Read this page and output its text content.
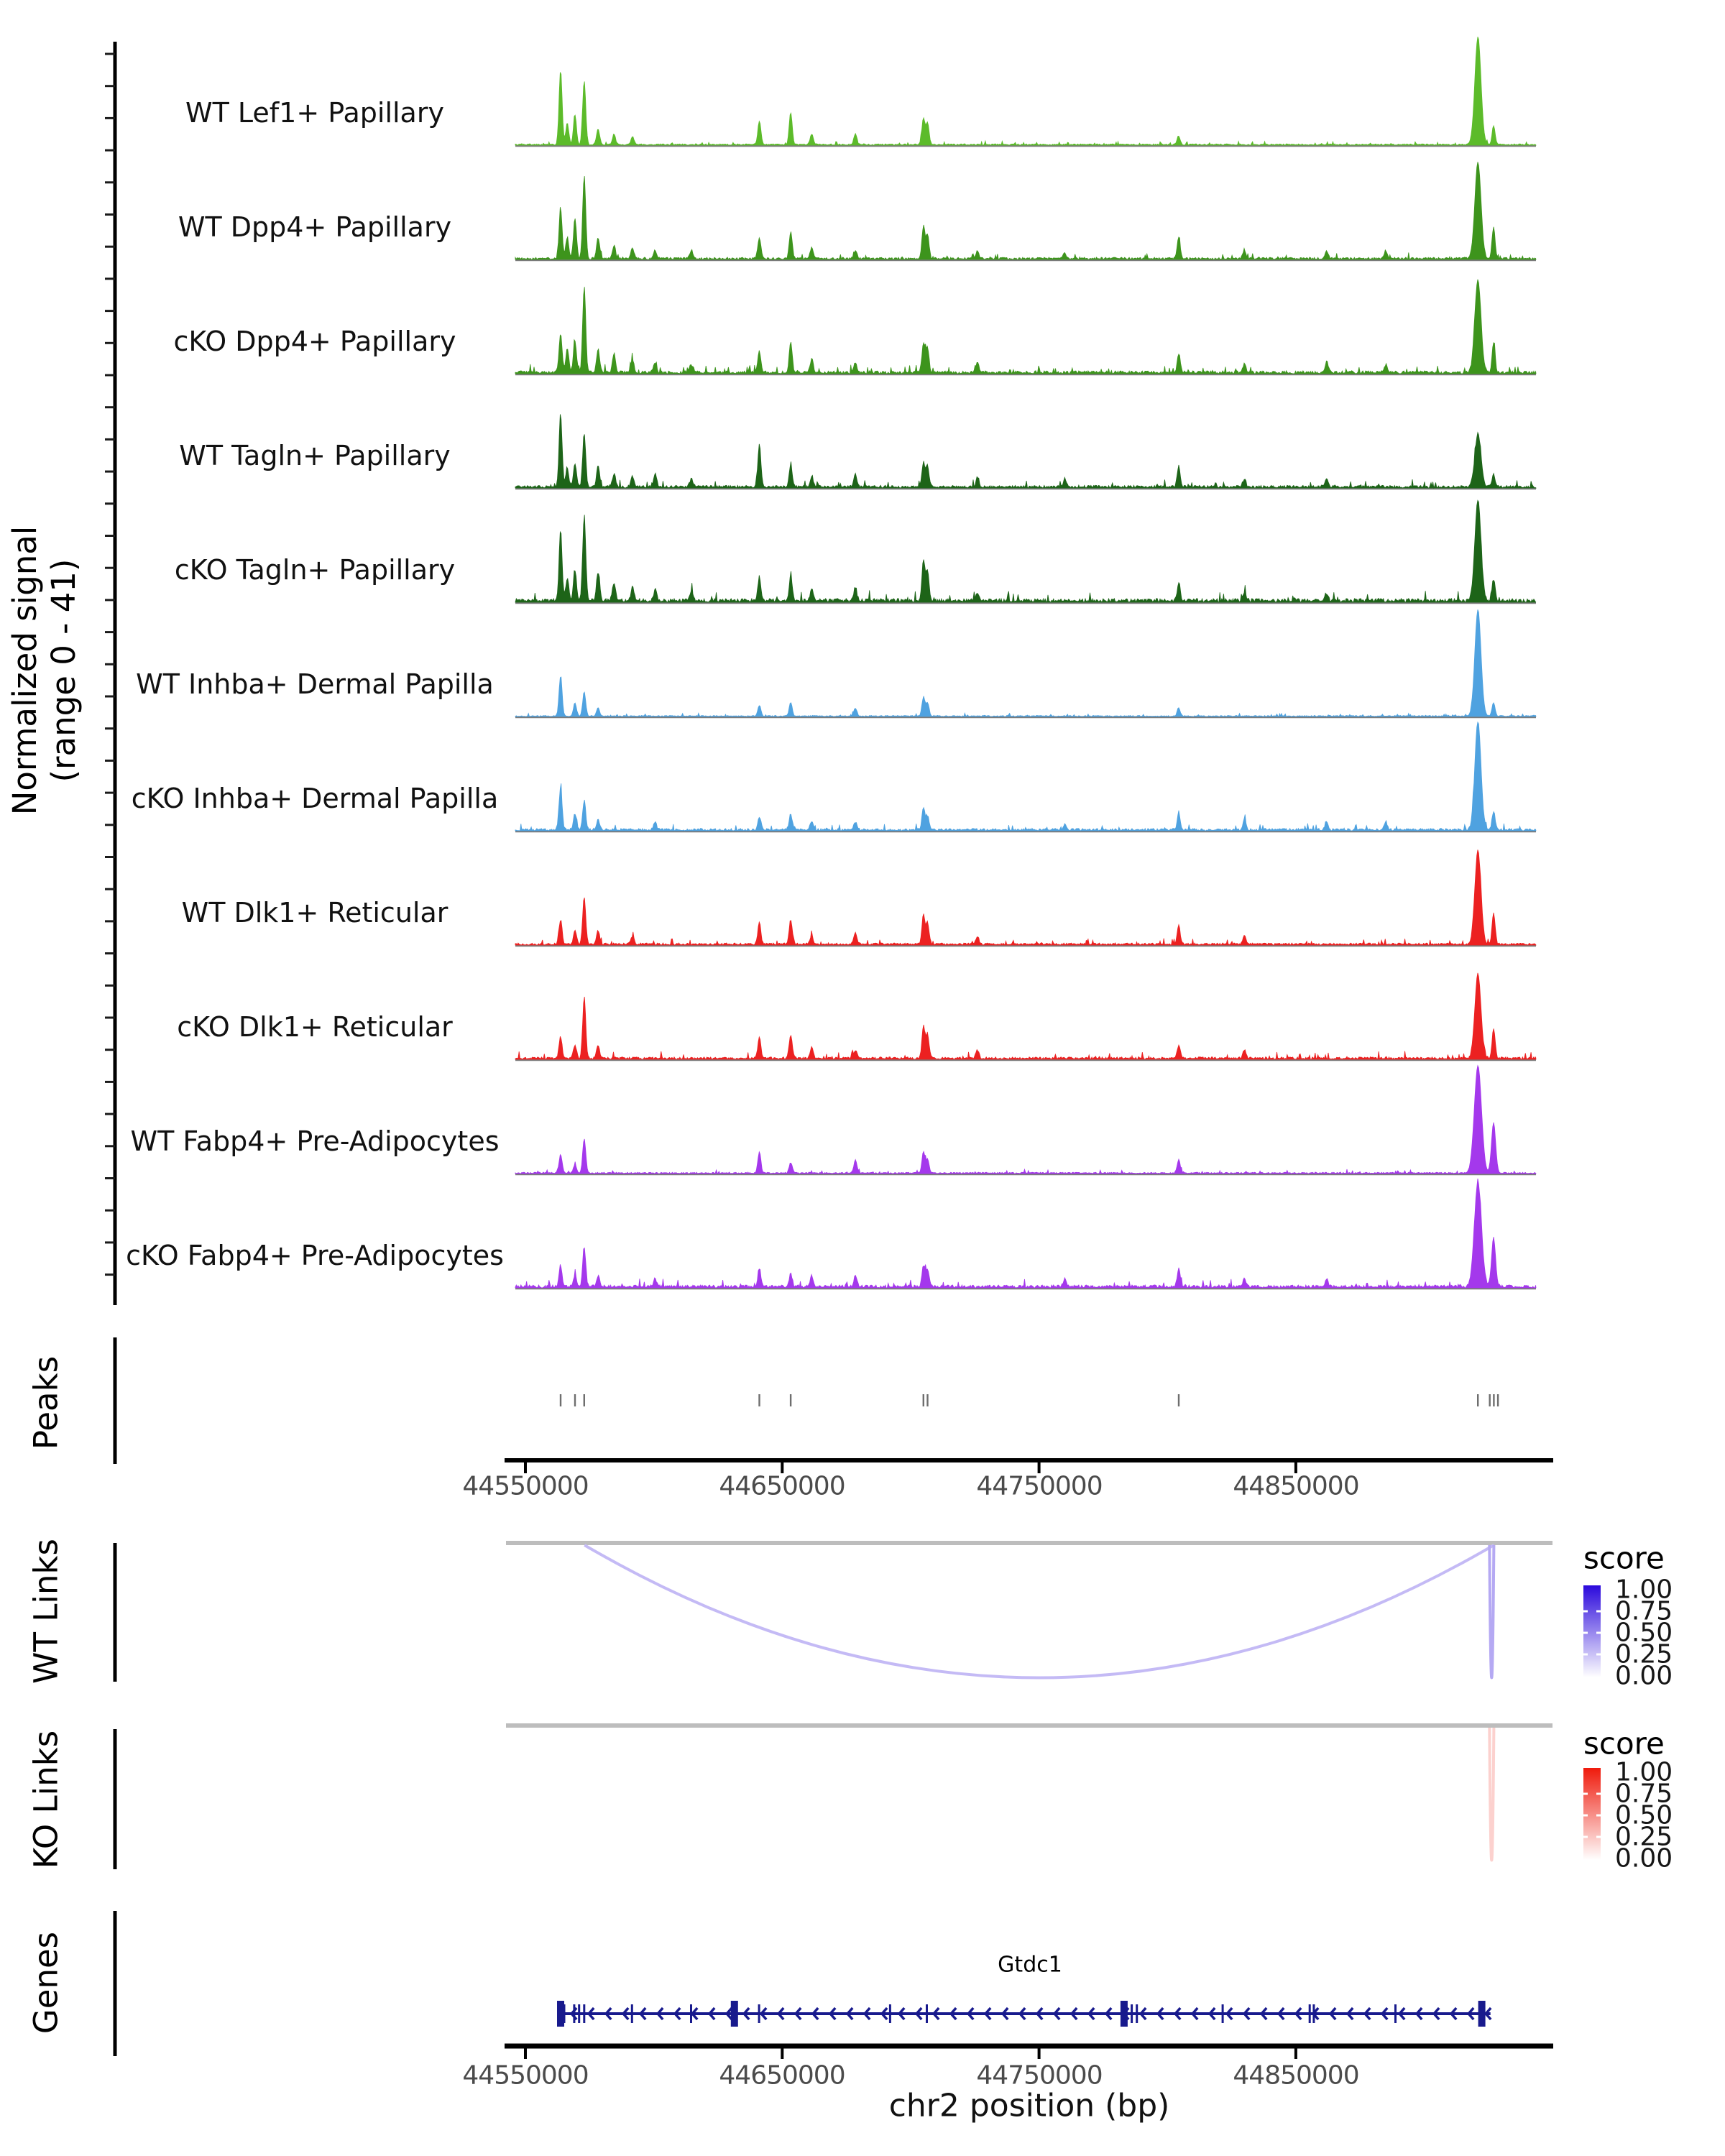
Normalized signal (range 0 - 41)
Peaks
WT Links
KO Links
Genes
WT Lef1+ Papillary
WT Dpp4+ Papillary
cKO Dpp4+ Papillary
WT Tagln+ Papillary
cKO Tagln+ Papillary
WT Inhba+ Dermal Papilla
cKO Inhba+ Dermal Papilla
WT Dlk1+ Reticular
cKO Dlk1+ Reticular
WT Fabp4+ Pre-Adipocytes
cKO Fabp4+ Pre-Adipocytes
44550000	44650000	44750000	44850000
score
1.00
0.75
0.50
0.25
0.00
score
1.00
0.75
0.50
0.25
0.00
Gtdc1
44550000	44650000	44750000	44850000
chr2 position (bp)
